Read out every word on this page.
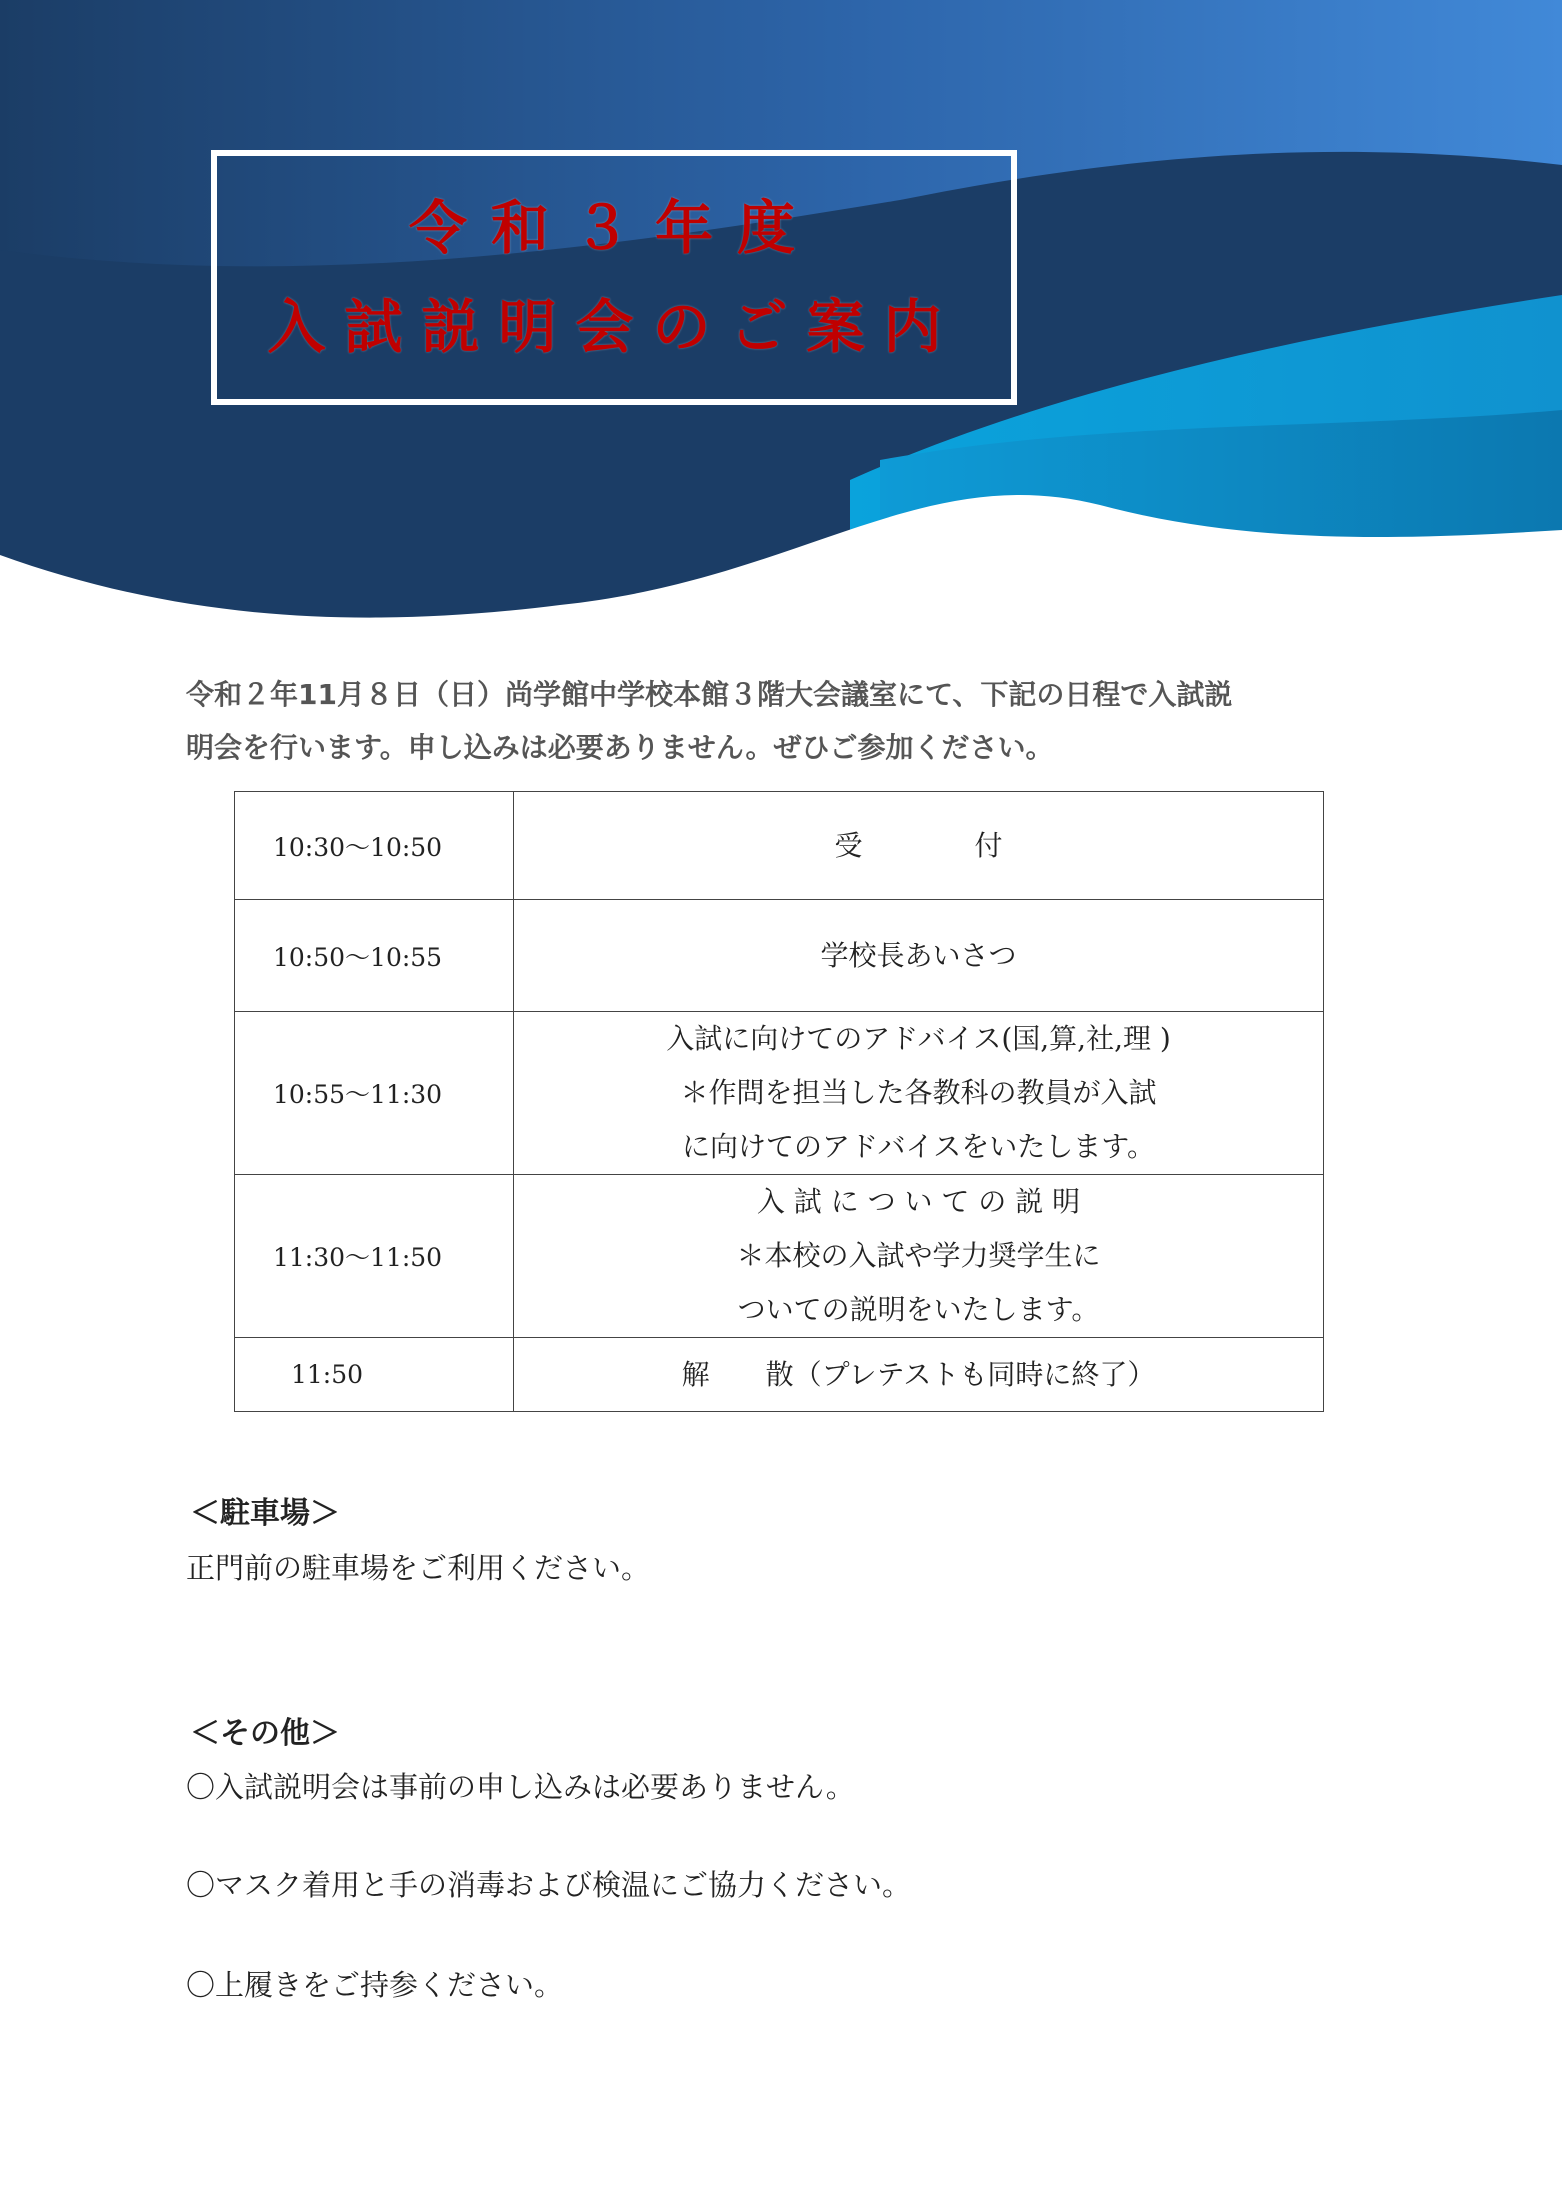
令和３年度
入試説明会のご案内
令和２年11月８日（日）尚学館中学校本館３階大会議室にて、下記の日程で入試説
明会を行います。申し込みは必要ありません。ぜひご参加ください。
10:30〜10:50	受　　　　付

10:50〜10:55	学校長あいさつ

10:55〜11:30	入試に向けてのアドバイス(国,算,社,理 )
＊作問を担当した各教科の教員が入試
に向けてのアドバイスをいたします。

11:30〜11:50	入 試 に つ い て の 説 明
＊本校の入試や学力奨学生に
ついての説明をいたします。

11:50	解　　散（プレテストも同時に終了）
＜駐車場＞
正門前の駐車場をご利用ください。
＜その他＞
〇入試説明会は事前の申し込みは必要ありません。
〇マスク着用と手の消毒および検温にご協力ください。
〇上履きをご持参ください。
